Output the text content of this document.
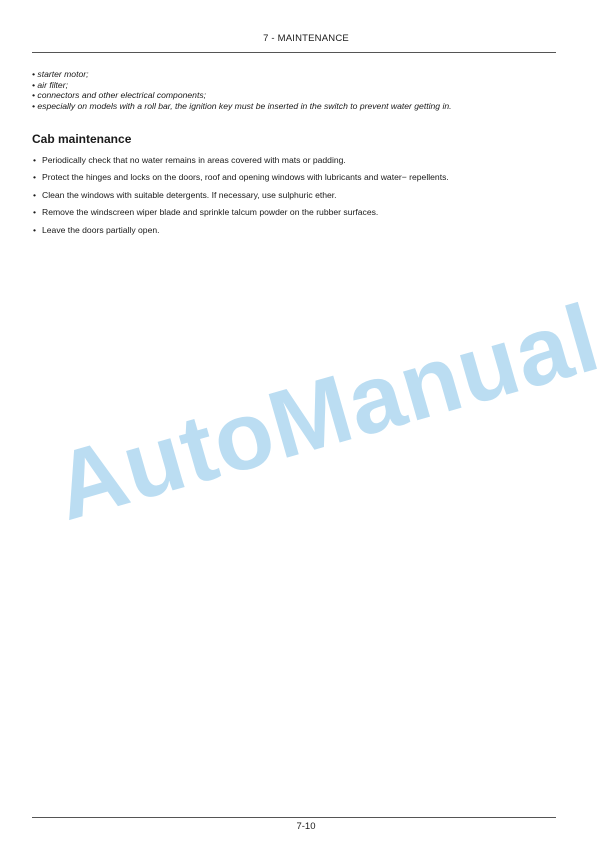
7 - MAINTENANCE
• starter motor;
• air filter;
• connectors and other electrical components;
• especially on models with a roll bar, the ignition key must be inserted in the switch to prevent water getting in.
Cab maintenance
• Periodically check that no water remains in areas covered with mats or padding.
• Protect the hinges and locks on the doors, roof and opening windows with lubricants and water− repellents.
• Clean the windows with suitable detergents. If necessary, use sulphuric ether.
• Remove the windscreen wiper blade and sprinkle talcum powder on the rubber surfaces.
• Leave the doors partially open.
AutoManual
7-10
